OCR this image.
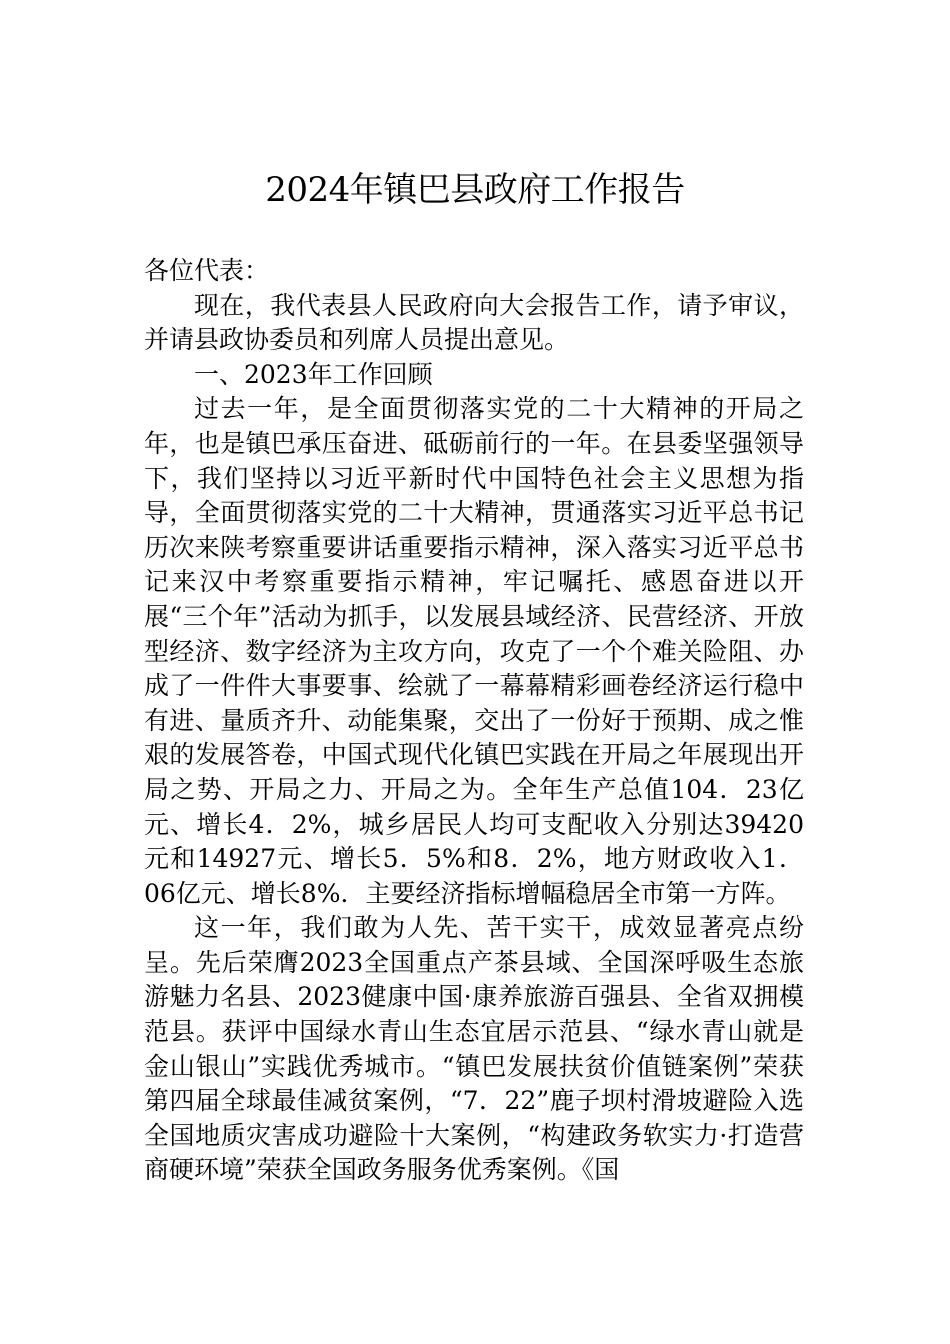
2024年镇巴县政府工作报告

各位代表：

现在，我代表县人民政府向大会报告工作，请予审议，并请县政协委员和列席人员提出意见。

一、2023年工作回顾

过去一年，是全面贯彻落实党的二十大精神的开局之年，也是镇巴承压奋进、砥砺前行的一年。在县委坚强领导下，我们坚持以习近平新时代中国特色社会主义思想为指导，全面贯彻落实党的二十大精神，贯通落实习近平总书记历次来陕考察重要讲话重要指示精神，深入落实习近平总书记来汉中考察重要指示精神，牢记嘱托、感恩奋进以开展“三个年”活动为抓手，以发展县域经济、民营经济、开放型经济、数字经济为主攻方向，攻克了一个个难关险阻、办成了一件件大事要事、绘就了一幕幕精彩画卷经济运行稳中有进、量质齐升、动能集聚，交出了一份好于预期、成之惟艰的发展答卷，中国式现代化镇巴实践在开局之年展现出开局之势、开局之力、开局之为。全年生产总值104．23亿元、增长4．2%，城乡居民人均可支配收入分别达39420元和14927元、增长5．5%和8．2%，地方财政收入1．06亿元、增长8%．主要经济指标增幅稳居全市第一方阵。

这一年，我们敢为人先、苦干实干，成效显著亮点纷呈。先后荣膺2023全国重点产茶县域、全国深呼吸生态旅游魅力名县、2023健康中国·康养旅游百强县、全省双拥模范县。获评中国绿水青山生态宜居示范县、“绿水青山就是金山银山”实践优秀城市。“镇巴发展扶贫价值链案例”荣获第四届全球最佳减贫案例，“7．22”鹿子坝村滑坡避险入选全国地质灾害成功避险十大案例，“构建政务软实力·打造营商硬环境”荣获全国政务服务优秀案例。《国
